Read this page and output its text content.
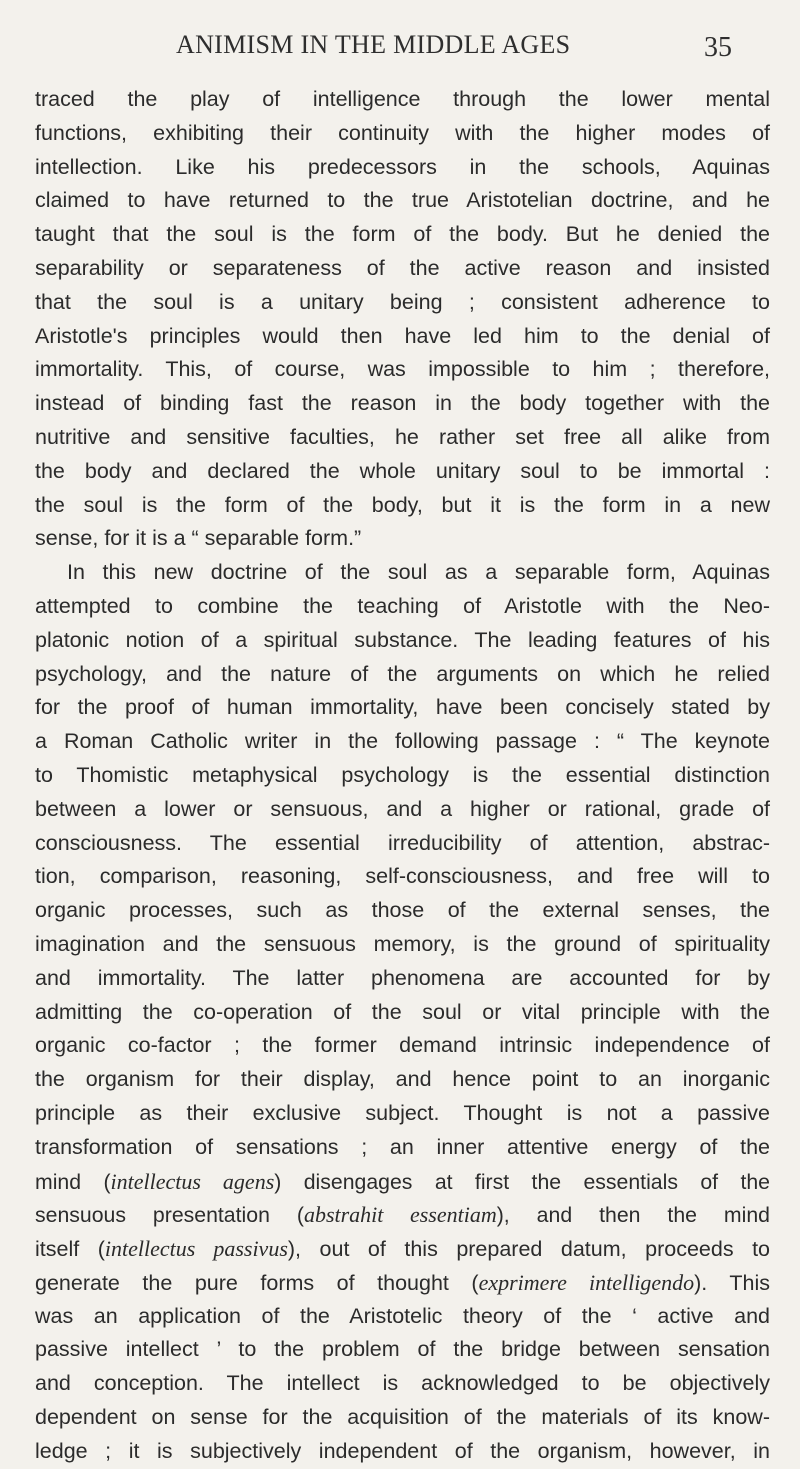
ANIMISM IN THE MIDDLE AGES	35
traced the play of intelligence through the lower mental
functions, exhibiting their continuity with the higher modes of
intellection. Like his predecessors in the schools, Aquinas
claimed to have returned to the true Aristotelian doctrine, and he
taught that the soul is the form of the body. But he denied the
separability or separateness of the active reason and insisted
that the soul is a unitary being ; consistent adherence to
Aristotle's principles would then have led him to the denial of
immortality. This, of course, was impossible to him ; therefore,
instead of binding fast the reason in the body together with the
nutritive and sensitive faculties, he rather set free all alike from
the body and declared the whole unitary soul to be immortal :
the soul is the form of the body, but it is the form in a new
sense, for it is a “ separable form.”
In this new doctrine of the soul as a separable form, Aquinas
attempted to combine the teaching of Aristotle with the Neo-
platonic notion of a spiritual substance. The leading features of his
psychology, and the nature of the arguments on which he relied
for the proof of human immortality, have been concisely stated by
a Roman Catholic writer in the following passage : “ The keynote
to Thomistic metaphysical psychology is the essential distinction
between a lower or sensuous, and a higher or rational, grade of
consciousness. The essential irreducibility of attention, abstrac-
tion, comparison, reasoning, self-consciousness, and free will to
organic processes, such as those of the external senses, the
imagination and the sensuous memory, is the ground of spirituality
and immortality. The latter phenomena are accounted for by
admitting the co-operation of the soul or vital principle with the
organic co-factor ; the former demand intrinsic independence of
the organism for their display, and hence point to an inorganic
principle as their exclusive subject. Thought is not a passive
transformation of sensations ; an inner attentive energy of the
mind (intellectus agens) disengages at first the essentials of the
sensuous presentation (abstrahit essentiam), and then the mind
itself (intellectus passivus), out of this prepared datum, proceeds to
generate the pure forms of thought (exprimere intelligendo). This
was an application of the Aristotelic theory of the ‘ active and
passive intellect ’ to the problem of the bridge between sensation
and conception. The intellect is acknowledged to be objectively
dependent on sense for the acquisition of the materials of its know-
ledge ; it is subjectively independent of the organism, however, in
